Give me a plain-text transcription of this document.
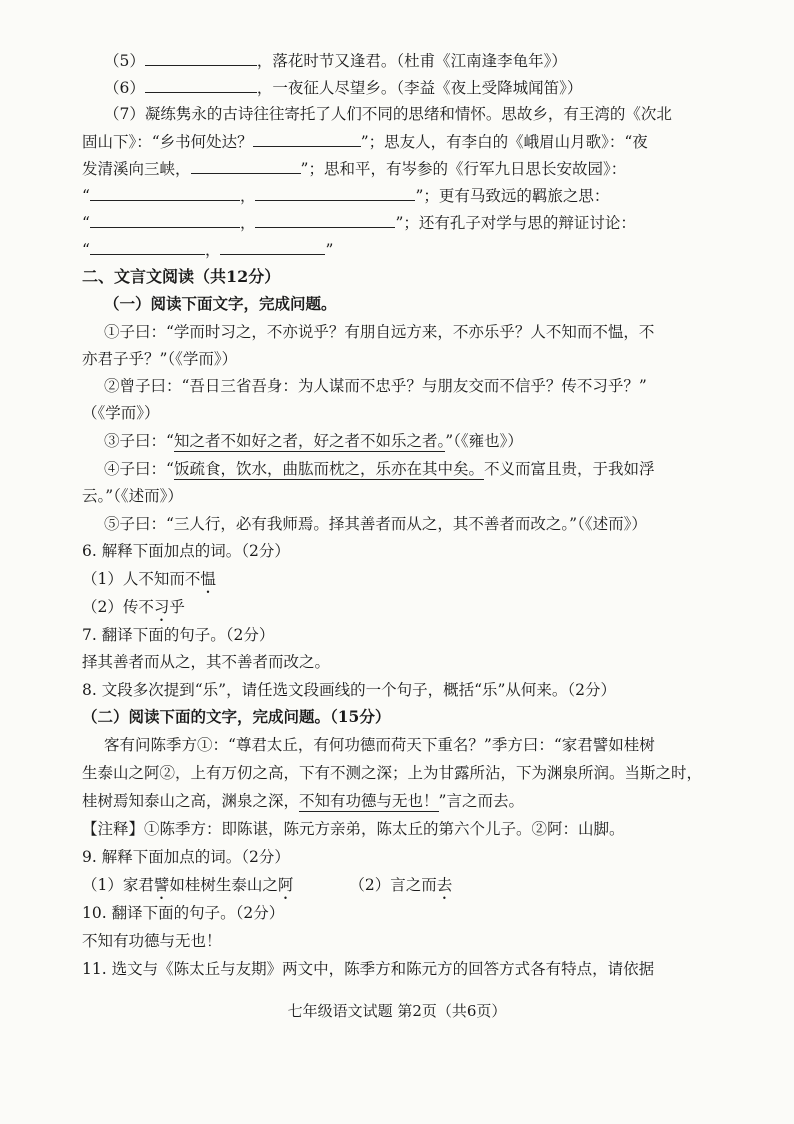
（5）	，落花时节又逢君。（杜甫《江南逢李龟年》）
（6）	，一夜征人尽望乡。（李益《夜上受降城闻笛》）
（7）凝练隽永的古诗往往寄托了人们不同的思绪和情怀。思故乡，有王湾的《次北
固山下》：“乡书何处达？	”；思友人，有李白的《峨眉山月歌》：“夜
发清溪向三峡，	”；思和平，有岑参的《行军九日思长安故园》：
“	，	”；更有马致远的羁旅之思：
“	，	”；还有孔子对学与思的辩证讨论：
“	，	”
二、文言文阅读（共12分）
（一）阅读下面文字，完成问题。
①子曰：“学而时习之，不亦说乎？有朋自远方来，不亦乐乎？人不知而不愠，不
亦君子乎？”（《学而》）
②曾子曰：“吾日三省吾身：为人谋而不忠乎？与朋友交而不信乎？传不习乎？”
（《学而》）
③子曰：“知之者不如好之者，好之者不如乐之者。”（《雍也》）
④子曰：“饭疏食，饮水，曲肱而枕之，乐亦在其中矣。不义而富且贵，于我如浮
云。”（《述而》）
⑤子曰：“三人行，必有我师焉。择其善者而从之，其不善者而改之。”（《述而》）
6. 解释下面加点的词。（2分）
（1）人不知而不愠
（2）传不习乎
7. 翻译下面的句子。（2分）
择其善者而从之，其不善者而改之。
8. 文段多次提到“乐”，请任选文段画线的一个句子，概括“乐”从何来。（2分）
（二）阅读下面的文字，完成问题。（15分）
客有问陈季方①：“尊君太丘，有何功德而荷天下重名？”季方曰：“家君譬如桂树
生泰山之阿②，上有万仞之高，下有不测之深；上为甘露所沾，下为渊泉所润。当斯之时，
桂树焉知泰山之高，渊泉之深，不知有功德与无也！”言之而去。
【注释】①陈季方：即陈谌，陈元方亲弟，陈太丘的第六个儿子。②阿：山脚。
9. 解释下面加点的词。（2分）
（1）家君譬如桂树生泰山之阿	（2）言之而去
10. 翻译下面的句子。（2分）
不知有功德与无也！
11. 选文与《陈太丘与友期》两文中，陈季方和陈元方的回答方式各有特点，请依据
七年级语文试题 第2页（共6页）
